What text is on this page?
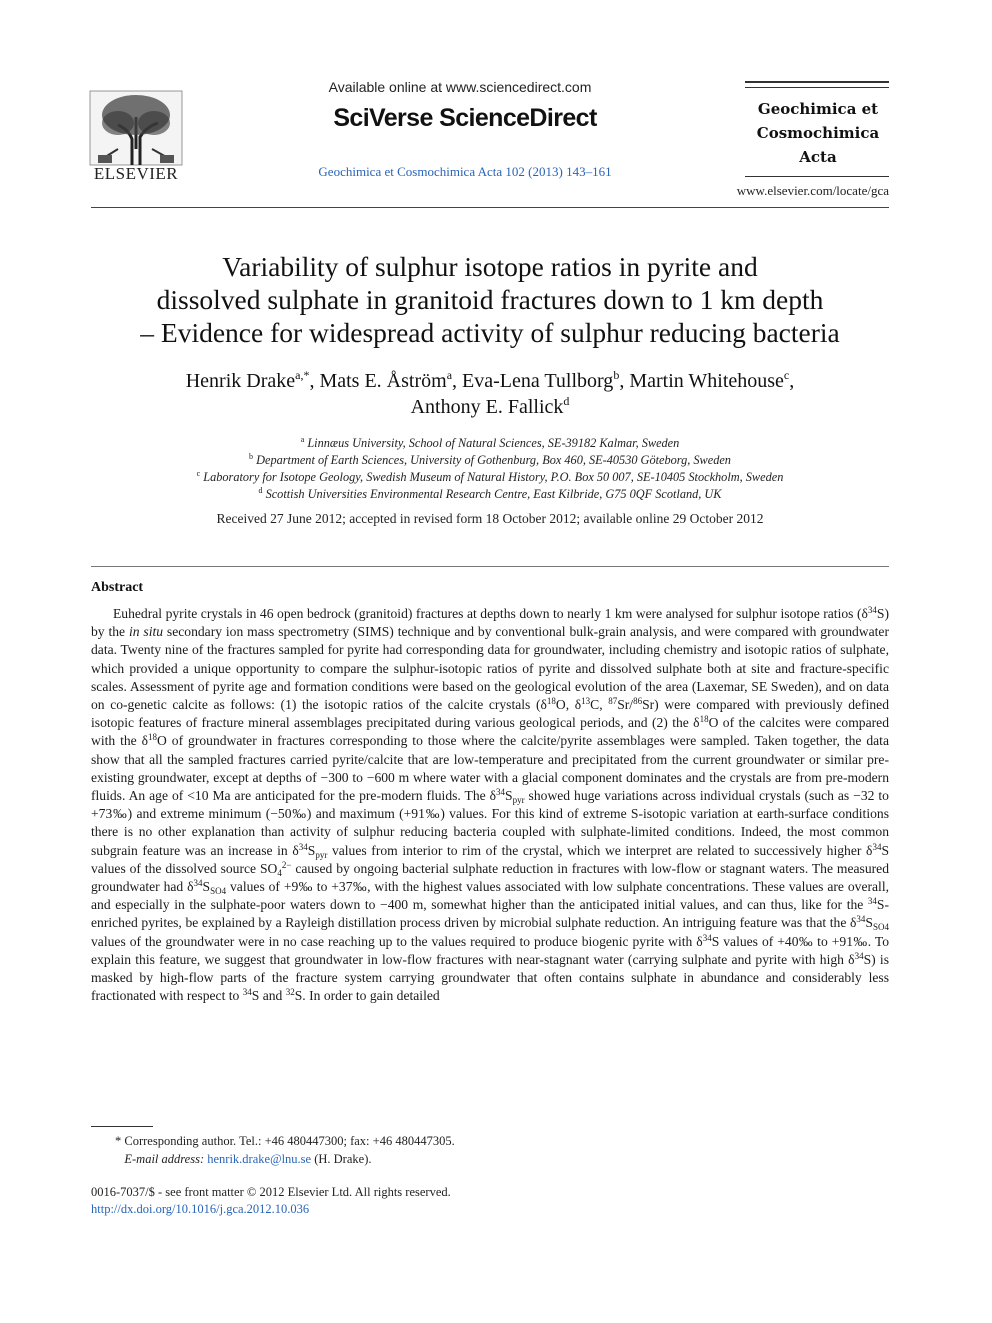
ELSEVIER
Available online at www.sciencedirect.com
SciVerse ScienceDirect
Geochimica et Cosmochimica Acta 102 (2013) 143–161
Geochimica et
Cosmochimica
Acta
www.elsevier.com/locate/gca
Variability of sulphur isotope ratios in pyrite and
dissolved sulphate in granitoid fractures down to 1 km depth
– Evidence for widespread activity of sulphur reducing bacteria
Henrik Drake$^{a,*}$, Mats E. Åström$^a$, Eva-Lena Tullborg$^b$, Martin Whitehouse$^c$,
Anthony E. Fallick$^d$
$^a$ Linnæus University, School of Natural Sciences, SE-39182 Kalmar, Sweden
$^b$ Department of Earth Sciences, University of Gothenburg, Box 460, SE-40530 Göteborg, Sweden
$^c$ Laboratory for Isotope Geology, Swedish Museum of Natural History, P.O. Box 50 007, SE-10405 Stockholm, Sweden
$^d$ Scottish Universities Environmental Research Centre, East Kilbride, G75 0QF Scotland, UK
Received 27 June 2012; accepted in revised form 18 October 2012; available online 29 October 2012
Abstract

Euhedral pyrite crystals in 46 open bedrock (granitoid) fractures at depths down to nearly 1 km were analysed for sulphur isotope ratios $(\delta^{34}S)$ by the in situ secondary ion mass spectrometry (SIMS) technique and by conventional bulk-grain analysis, and were compared with groundwater data. Twenty nine of the fractures sampled for pyrite had corresponding data for groundwater, including chemistry and isotopic ratios of sulphate, which provided a unique opportunity to compare the sulphur-isotopic ratios of pyrite and dissolved sulphate both at site and fracture-specific scales. Assessment of pyrite age and formation conditions were based on the geological evolution of the area (Laxemar, SE Sweden), and on data on co-genetic calcite as follows: (1) the isotopic ratios of the calcite crystals ($\delta^{18}O$, $\delta^{13}C$, $^{87}$Sr/$^{86}$Sr) were compared with previously defined isotopic features of fracture mineral assemblages precipitated during various geological periods, and (2) the $\delta^{18}O$ of the calcites were compared with the $\delta^{18}O$ of groundwater in fractures corresponding to those where the calcite/pyrite assemblages were sampled. Taken together, the data show that all the sampled fractures carried pyrite/calcite that are low-temperature and precipitated from the current groundwater or similar pre-existing groundwater, except at depths of −300 to −600 m where water with a glacial component dominates and the crystals are from pre-modern fluids. An age of <10 Ma are anticipated for the pre-modern fluids. The $\delta^{34}S_{pyr}$ showed huge variations across individual crystals (such as −32 to +73‰) and extreme minimum (−50‰) and maximum (+91‰) values. For this kind of extreme S-isotopic variation at earth-surface conditions there is no other explanation than activity of sulphur reducing bacteria coupled with sulphate-limited conditions. Indeed, the most common subgrain feature was an increase in $\delta^{34}S_{pyr}$ values from interior to rim of the crystal, which we interpret are related to successively higher $\delta^{34}S$ values of the dissolved source $SO_4^{2-}$ caused by ongoing bacterial sulphate reduction in fractures with low-flow or stagnant waters. The measured groundwater had $\delta^{34}S_{SO4}$ values of +9‰ to +37‰, with the highest values associated with low sulphate concentrations. These values are overall, and especially in the sulphate-poor waters down to −400 m, somewhat higher than the anticipated initial values, and can thus, like for the $^{34}$S-enriched pyrites, be explained by a Rayleigh distillation process driven by microbial sulphate reduction. An intriguing feature was that the $\delta^{34}S_{SO4}$ values of the groundwater were in no case reaching up to the values required to produce biogenic pyrite with $\delta^{34}S$ values of +40‰ to +91‰. To explain this feature, we suggest that groundwater in low-flow fractures with near-stagnant water (carrying sulphate and pyrite with high $\delta^{34}S$) is masked by high-flow parts of the fracture system carrying groundwater that often contains sulphate in abundance and considerably less fractionated with respect to $^{34}$S and $^{32}$S. In order to gain detailed

* Corresponding author. Tel.: +46 480447300; fax: +46 480447305.
E-mail address: henrik.drake@lnu.se (H. Drake).
0016-7037/$ - see front matter © 2012 Elsevier Ltd. All rights reserved.
http://dx.doi.org/10.1016/j.gca.2012.10.036
